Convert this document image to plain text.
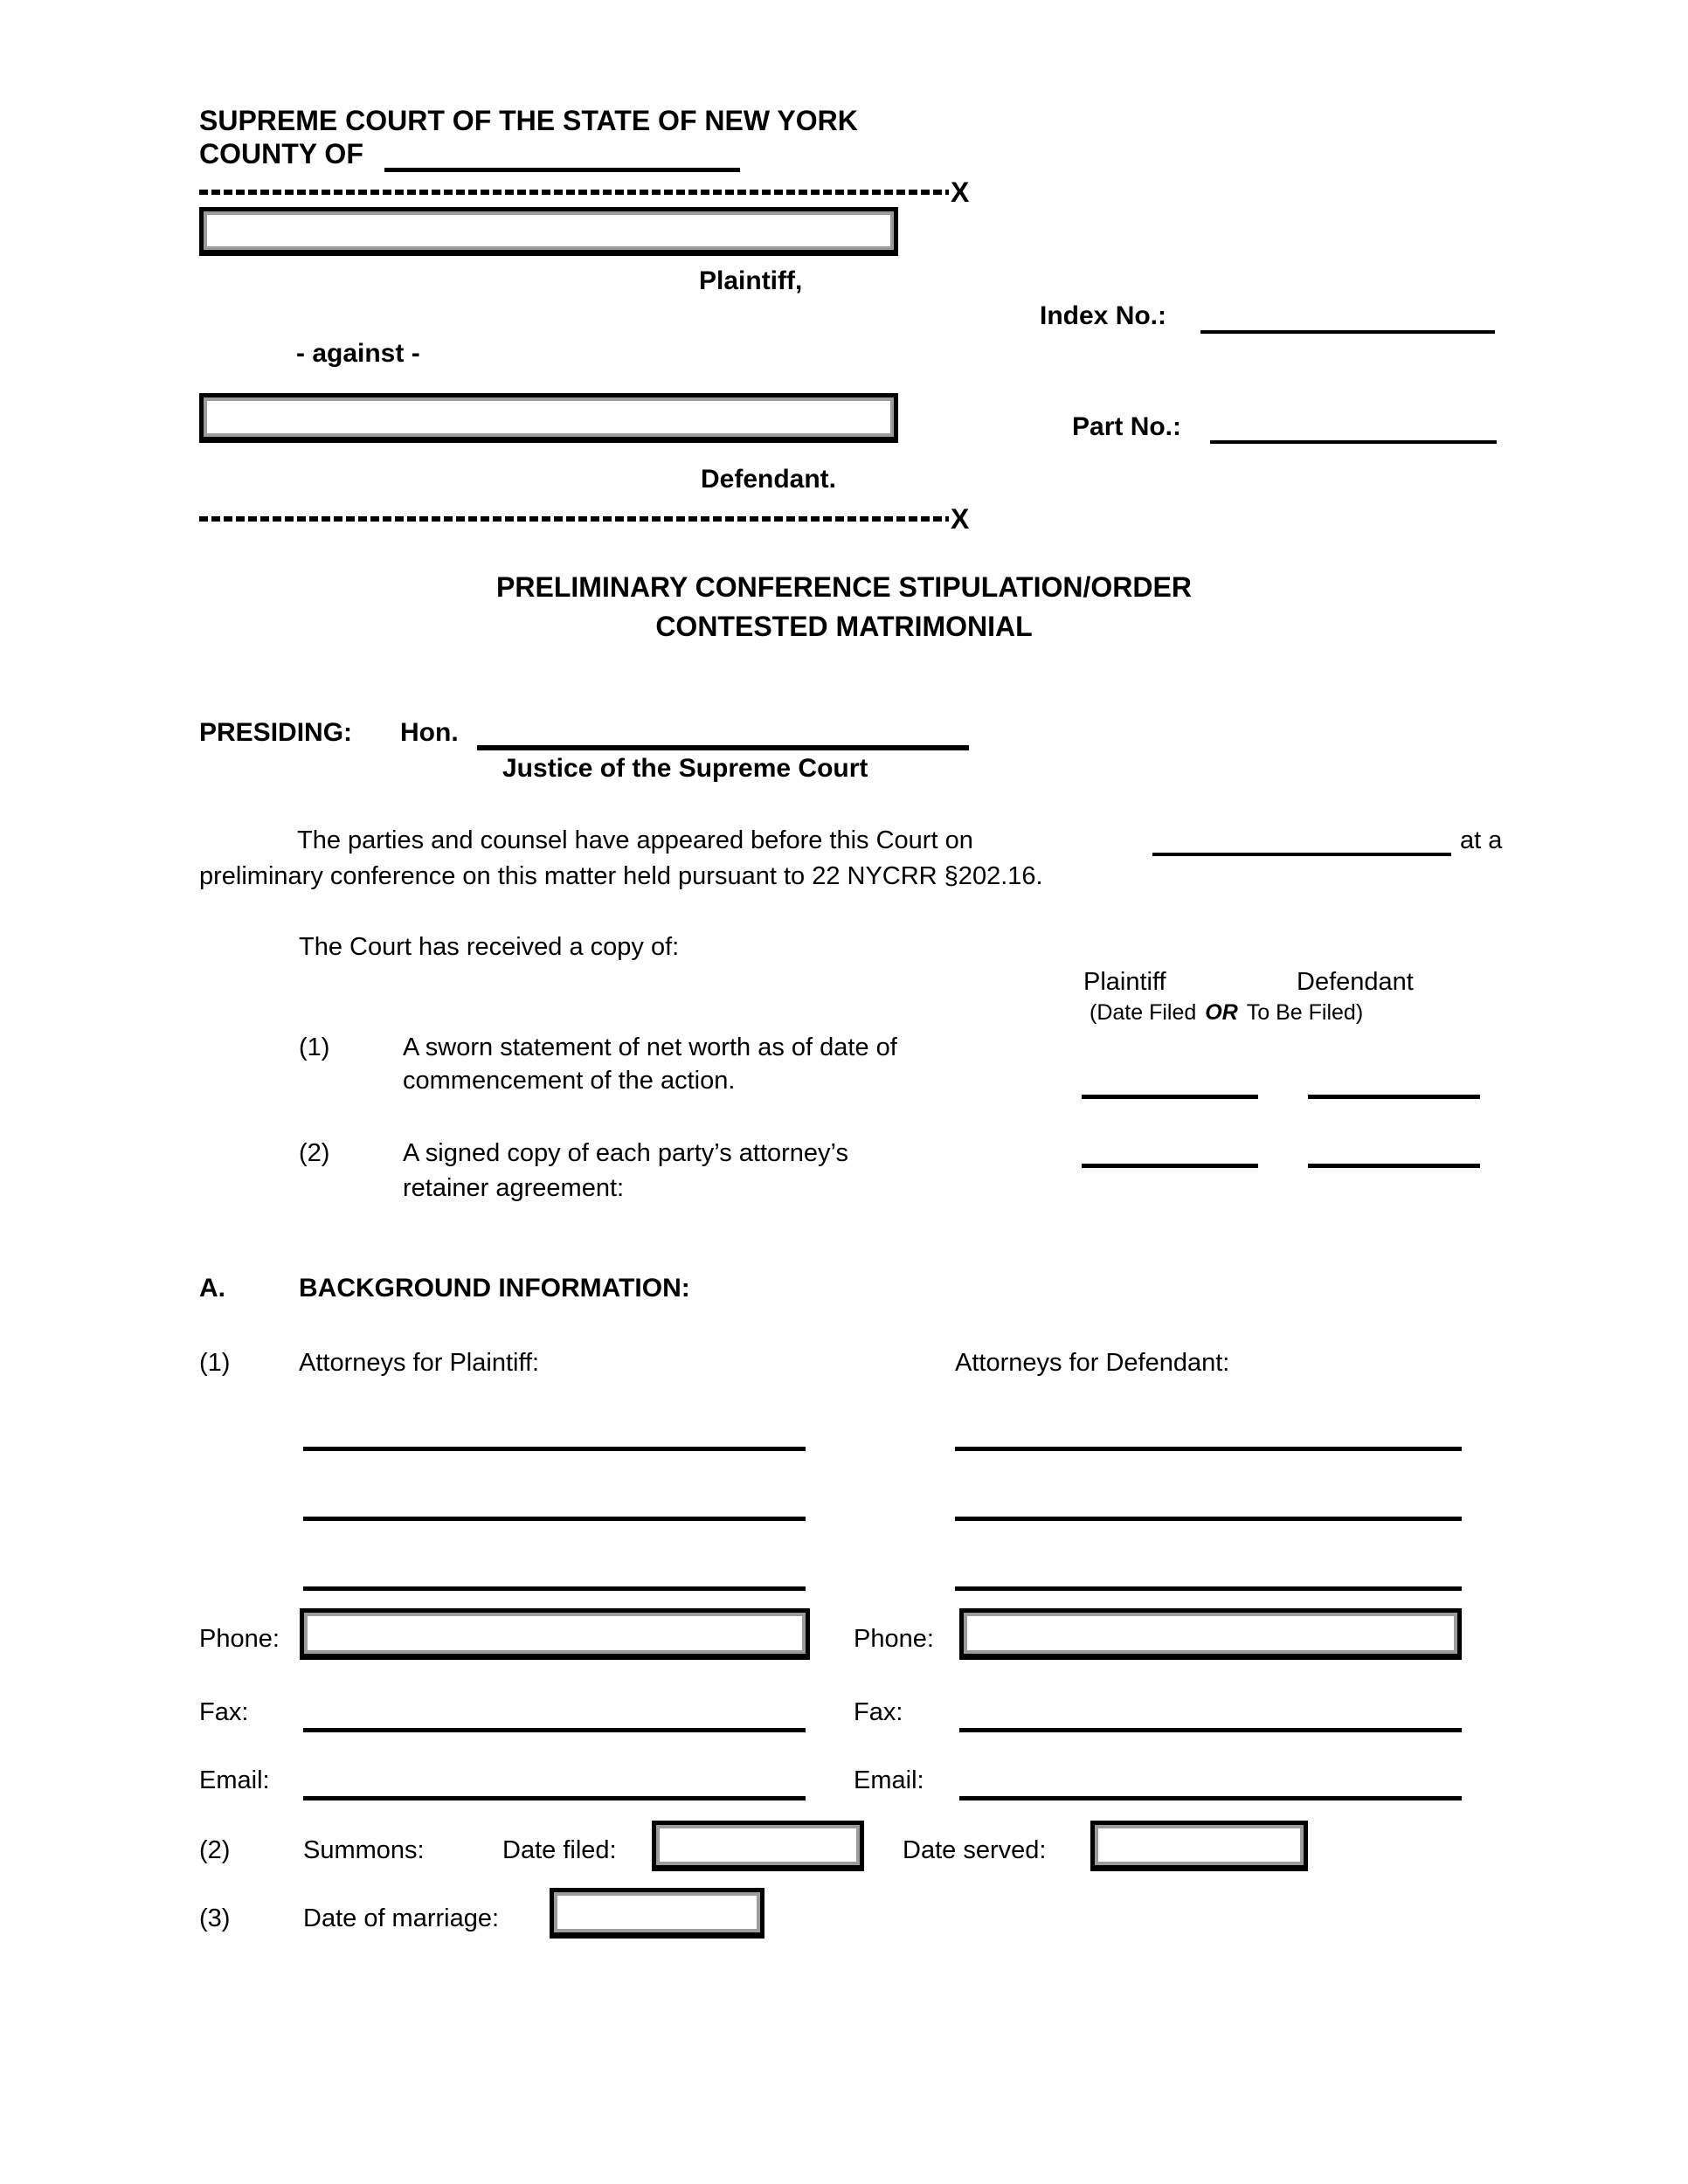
SUPREME COURT OF THE STATE OF NEW YORK
COUNTY OF
X
Plaintiff,
Index No.:
- against -
Part No.:
Defendant.
X
PRELIMINARY CONFERENCE STIPULATION/ORDER
CONTESTED MATRIMONIAL
PRESIDING: Hon.
Justice of the Supreme Court
The parties and counsel have appeared before this Court on	at a
preliminary conference on this matter held pursuant to 22 NYCRR §202.16.
The Court has received a copy of:
Plaintiff	Defendant
(Date Filed OR To Be Filed)
(1)	A sworn statement of net worth as of date of
commencement of the action.
(2)	A signed copy of each party’s attorney’s
retainer agreement:
A.	BACKGROUND INFORMATION:
(1)	Attorneys for Plaintiff:	Attorneys for Defendant:
Phone:	Phone:
Fax:	Fax:
Email:	Email:
(2)	Summons:	Date filed:	Date served:
(3)	Date of marriage:
